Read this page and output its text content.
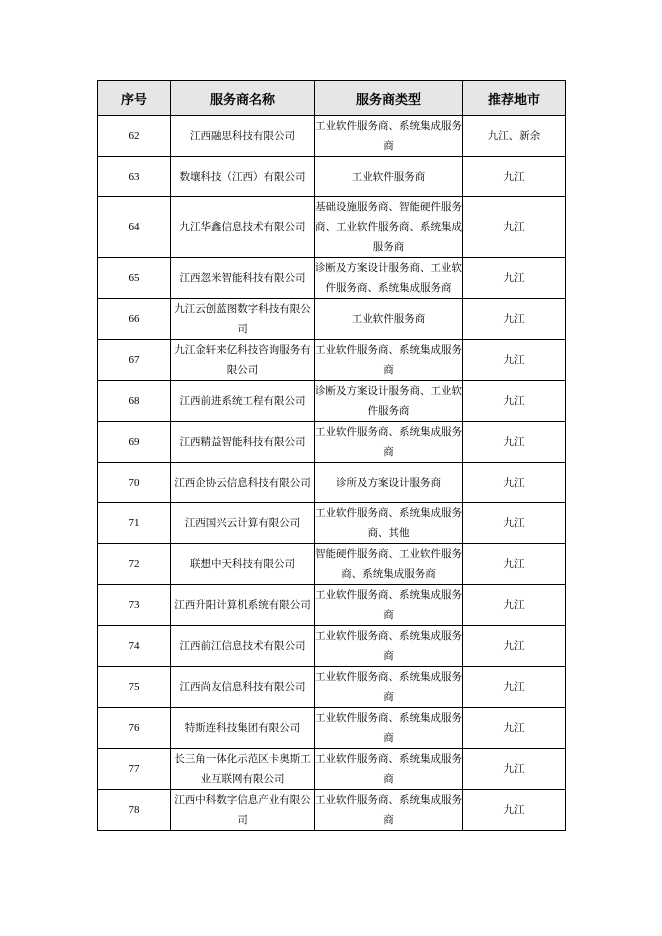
序号	服务商名称	服务商类型	推荐地市
62	江西融思科技有限公司	工业软件服务商、系统集成服务商	九江、新余
63	数壤科技（江西）有限公司	工业软件服务商	九江
64	九江华鑫信息技术有限公司	基础设施服务商、智能硬件服务商、工业软件服务商、系统集成服务商	九江
65	江西忽米智能科技有限公司	诊断及方案设计服务商、工业软件服务商、系统集成服务商	九江
66	九江云创蓝图数字科技有限公司	工业软件服务商	九江
67	九江金轩来亿科技咨询服务有限公司	工业软件服务商、系统集成服务商	九江
68	江西前进系统工程有限公司	诊断及方案设计服务商、工业软件服务商	九江
69	江西精益智能科技有限公司	工业软件服务商、系统集成服务商	九江
70	江西企协云信息科技有限公司	诊所及方案设计服务商	九江
71	江西国兴云计算有限公司	工业软件服务商、系统集成服务商、其他	九江
72	联想中天科技有限公司	智能硬件服务商、工业软件服务商、系统集成服务商	九江
73	江西升阳计算机系统有限公司	工业软件服务商、系统集成服务商	九江
74	江西前江信息技术有限公司	工业软件服务商、系统集成服务商	九江
75	江西尚友信息科技有限公司	工业软件服务商、系统集成服务商	九江
76	特斯连科技集团有限公司	工业软件服务商、系统集成服务商	九江
77	长三角一体化示范区卡奥斯工业互联网有限公司	工业软件服务商、系统集成服务商	九江
78	江西中科数字信息产业有限公司	工业软件服务商、系统集成服务商	九江
